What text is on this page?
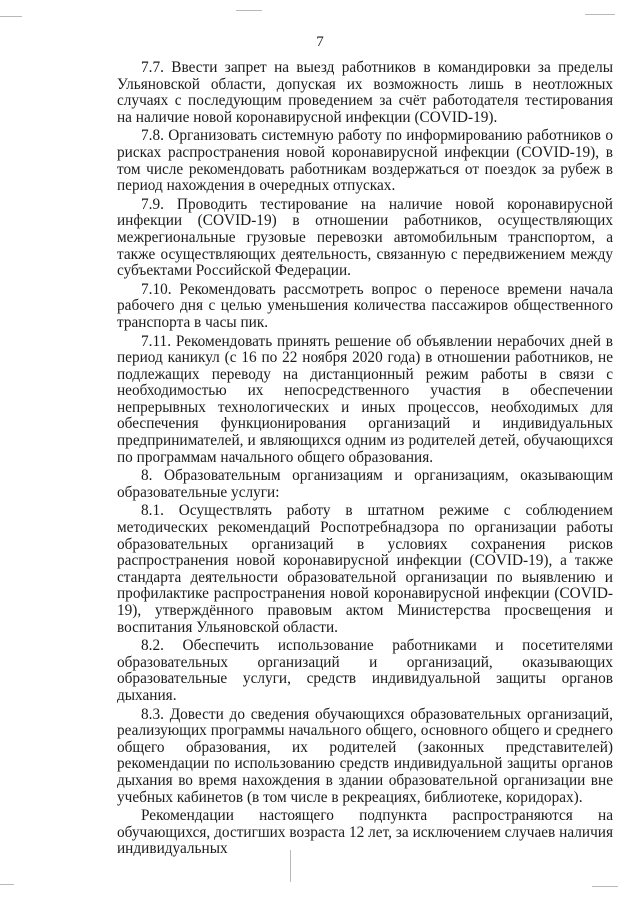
7

7.7. Ввести запрет на выезд работников в командировки за пределы Ульяновской области, допуская их возможность лишь в неотложных случаях с последующим проведением за счёт работодателя тестирования на наличие новой коронавирусной инфекции (COVID-19).

7.8. Организовать системную работу по информированию работников о рисках распространения новой коронавирусной инфекции (COVID-19), в том числе рекомендовать работникам воздержаться от поездок за рубеж в период нахождения в очередных отпусках.

7.9. Проводить тестирование на наличие новой коронавирусной инфекции (COVID-19) в отношении работников, осуществляющих межрегиональные грузовые перевозки автомобильным транспортом, а также осуществляющих деятельность, связанную с передвижением между субъектами Российской Федерации.

7.10. Рекомендовать рассмотреть вопрос о переносе времени начала рабочего дня с целью уменьшения количества пассажиров общественного транспорта в часы пик.

7.11. Рекомендовать принять решение об объявлении нерабочих дней в период каникул (с 16 по 22 ноября 2020 года) в отношении работников, не подлежащих переводу на дистанционный режим работы в связи с необходимостью их непосредственного участия в обеспечении непрерывных технологических и иных процессов, необходимых для обеспечения функционирования организаций и индивидуальных предпринимателей, и являющихся одним из родителей детей, обучающихся по программам начального общего образования.

8. Образовательным организациям и организациям, оказывающим образовательные услуги:

8.1. Осуществлять работу в штатном режиме с соблюдением методических рекомендаций Роспотребнадзора по организации работы образовательных организаций в условиях сохранения рисков распространения новой коронавирусной инфекции (COVID-19), а также стандарта деятельности образовательной организации по выявлению и профилактике распространения новой коронавирусной инфекции (COVID-19), утверждённого правовым актом Министерства просвещения и воспитания Ульяновской области.

8.2. Обеспечить использование работниками и посетителями образовательных организаций и организаций, оказывающих образовательные услуги, средств индивидуальной защиты органов дыхания.

8.3. Довести до сведения обучающихся образовательных организаций, реализующих программы начального общего, основного общего и среднего общего образования, их родителей (законных представителей) рекомендации по использованию средств индивидуальной защиты органов дыхания во время нахождения в здании образовательной организации вне учебных кабинетов (в том числе в рекреациях, библиотеке, коридорах).

Рекомендации настоящего подпункта распространяются на обучающихся, достигших возраста 12 лет, за исключением случаев наличия индивидуальных
